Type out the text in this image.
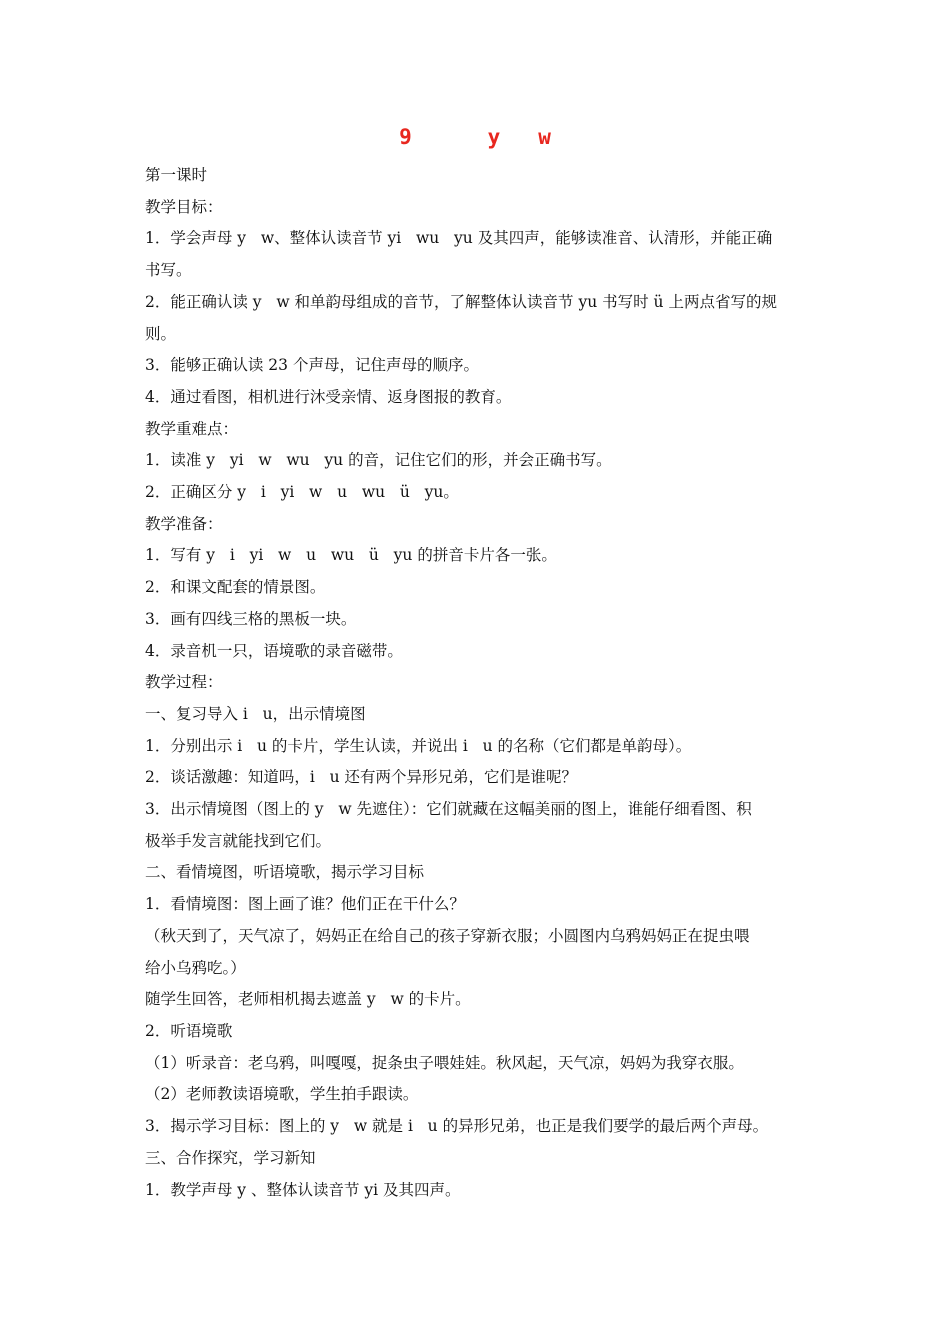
9      y   w

第一课时

教学目标：

1．学会声母 y   w、整体认读音节 yi   wu   yu 及其四声，能够读准音、认清形，并能正确

书写。

2．能正确认读 y   w 和单韵母组成的音节，了解整体认读音节 yu 书写时 ü 上两点省写的规

则。

3．能够正确认读 23 个声母，记住声母的顺序。

4．通过看图，相机进行沐受亲情、返身图报的教育。

教学重难点：

1．读准 y   yi   w   wu   yu 的音，记住它们的形，并会正确书写。

2．正确区分 y   i   yi   w   u   wu   ü   yu。

教学准备：

1．写有 y   i   yi   w   u   wu   ü   yu 的拼音卡片各一张。

2．和课文配套的情景图。

3．画有四线三格的黑板一块。

4．录音机一只，语境歌的录音磁带。

教学过程：

一、复习导入 i   u，出示情境图

1．分别出示 i   u 的卡片，学生认读，并说出 i   u 的名称（它们都是单韵母）。

2．谈话激趣：知道吗，i   u 还有两个异形兄弟，它们是谁呢？

3．出示情境图（图上的 y   w 先遮住）：它们就藏在这幅美丽的图上，谁能仔细看图、积

极举手发言就能找到它们。

二、看情境图，听语境歌，揭示学习目标

1．看情境图：图上画了谁？他们正在干什么？

（秋天到了，天气凉了，妈妈正在给自己的孩子穿新衣服；小圆图内乌鸦妈妈正在捉虫喂

给小乌鸦吃。）

随学生回答，老师相机揭去遮盖 y   w 的卡片。

2．听语境歌

（1）听录音：老乌鸦，叫嘎嘎，捉条虫子喂娃娃。秋风起，天气凉，妈妈为我穿衣服。

（2）老师教读语境歌，学生拍手跟读。

3．揭示学习目标：图上的 y   w 就是 i   u 的异形兄弟，也正是我们要学的最后两个声母。

三、合作探究，学习新知

1．教学声母 y 、整体认读音节 yi 及其四声。
